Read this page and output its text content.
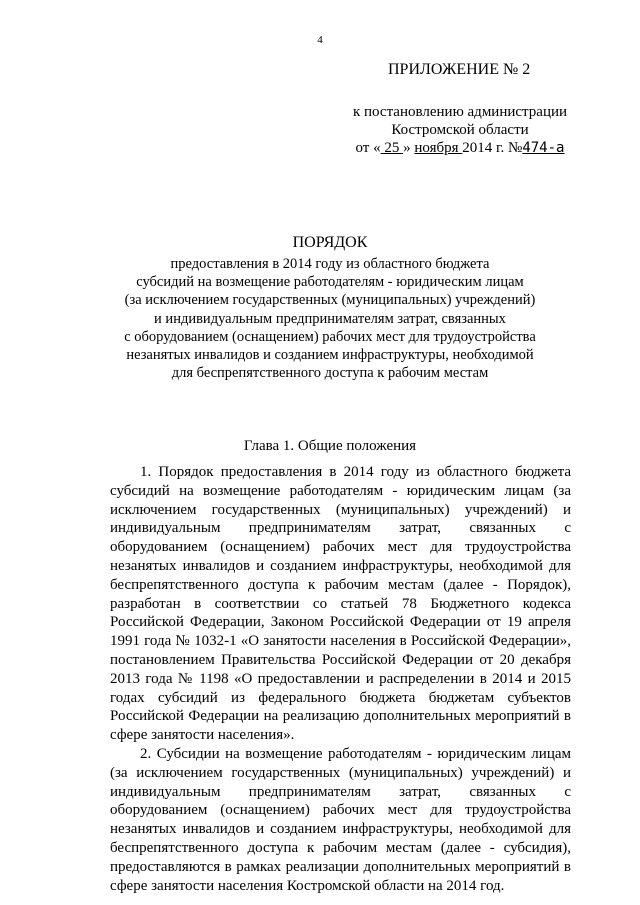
4
ПРИЛОЖЕНИЕ № 2
к постановлению администрации
Костромской области
от « 25 » ноября 2014 г. №474-а
ПОРЯДОК
предоставления в 2014 году из областного бюджета
субсидий на возмещение работодателям - юридическим лицам
(за исключением государственных (муниципальных) учреждений)
и индивидуальным предпринимателям затрат, связанных
с оборудованием (оснащением) рабочих мест для трудоустройства
незанятых инвалидов и созданием инфраструктуры, необходимой
для беспрепятственного доступа к рабочим местам
Глава 1. Общие положения

1. Порядок предоставления в 2014 году из областного бюджета субсидий на возмещение работодателям - юридическим лицам (за исключением государственных (муниципальных) учреждений) и индивидуальным предпринимателям затрат, связанных с оборудованием (оснащением) рабочих мест для трудоустройства незанятых инвалидов и созданием инфраструктуры, необходимой для беспрепятственного доступа к рабочим местам (далее - Порядок), разработан в соответствии со статьей 78 Бюджетного кодекса Российской Федерации, Законом Российской Федерации от 19 апреля 1991 года № 1032-1 «О занятости населения в Российской Федерации», постановлением Правительства Российской Федерации от 20 декабря 2013 года № 1198 «О предоставлении и распределении в 2014 и 2015 годах субсидий из федерального бюджета бюджетам субъектов Российской Федерации на реализацию дополнительных мероприятий в сфере занятости населения».

2. Субсидии на возмещение работодателям - юридическим лицам (за исключением государственных (муниципальных) учреждений) и индивидуальным предпринимателям затрат, связанных с оборудованием (оснащением) рабочих мест для трудоустройства незанятых инвалидов и созданием инфраструктуры, необходимой для беспрепятственного доступа к рабочим местам (далее - субсидия), предоставляются в рамках реализации дополнительных мероприятий в сфере занятости населения Костромской области на 2014 год.
